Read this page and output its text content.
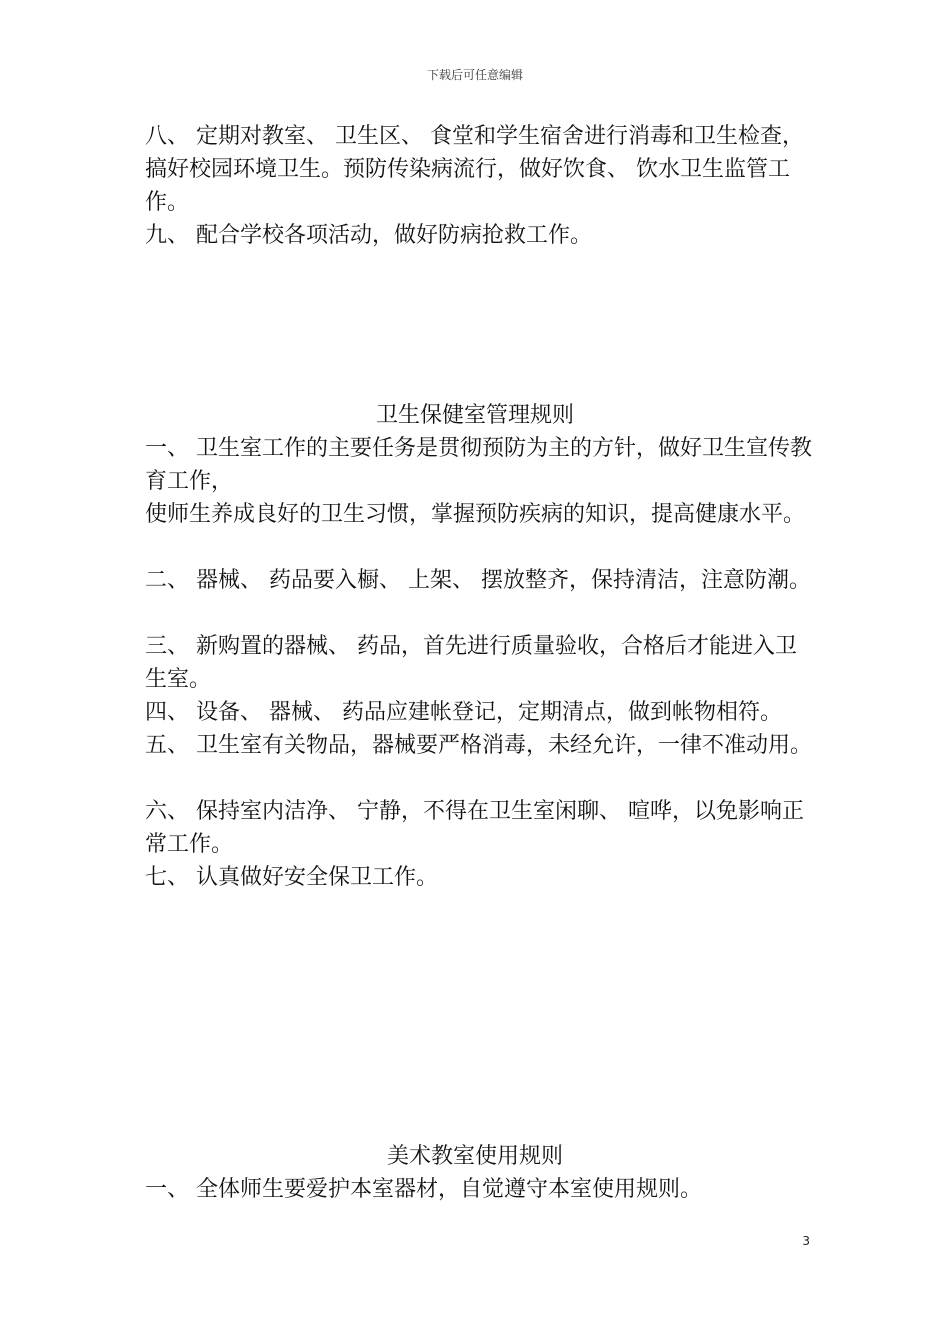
下载后可任意编辑

八、 定期对教室、 卫生区、 食堂和学生宿舍进行消毒和卫生检查，搞好校园环境卫生。预防传染病流行，做好饮食、 饮水卫生监管工作。

九、 配合学校各项活动，做好防病抢救工作。

卫生保健室管理规则

一、 卫生室工作的主要任务是贯彻预防为主的方针，做好卫生宣传教育工作，

使师生养成良好的卫生习惯，掌握预防疾病的知识，提高健康水平。

二、 器械、 药品要入橱、 上架、 摆放整齐，保持清洁，注意防潮。

三、 新购置的器械、 药品，首先进行质量验收，合格后才能进入卫生室。

四、 设备、 器械、 药品应建帐登记，定期清点，做到帐物相符。

五、 卫生室有关物品，器械要严格消毒，未经允许，一律不准动用。

六、 保持室内洁净、 宁静，不得在卫生室闲聊、 喧哗，以免影响正常工作。

七、 认真做好安全保卫工作。

美术教室使用规则

一、 全体师生要爱护本室器材，自觉遵守本室使用规则。

3
